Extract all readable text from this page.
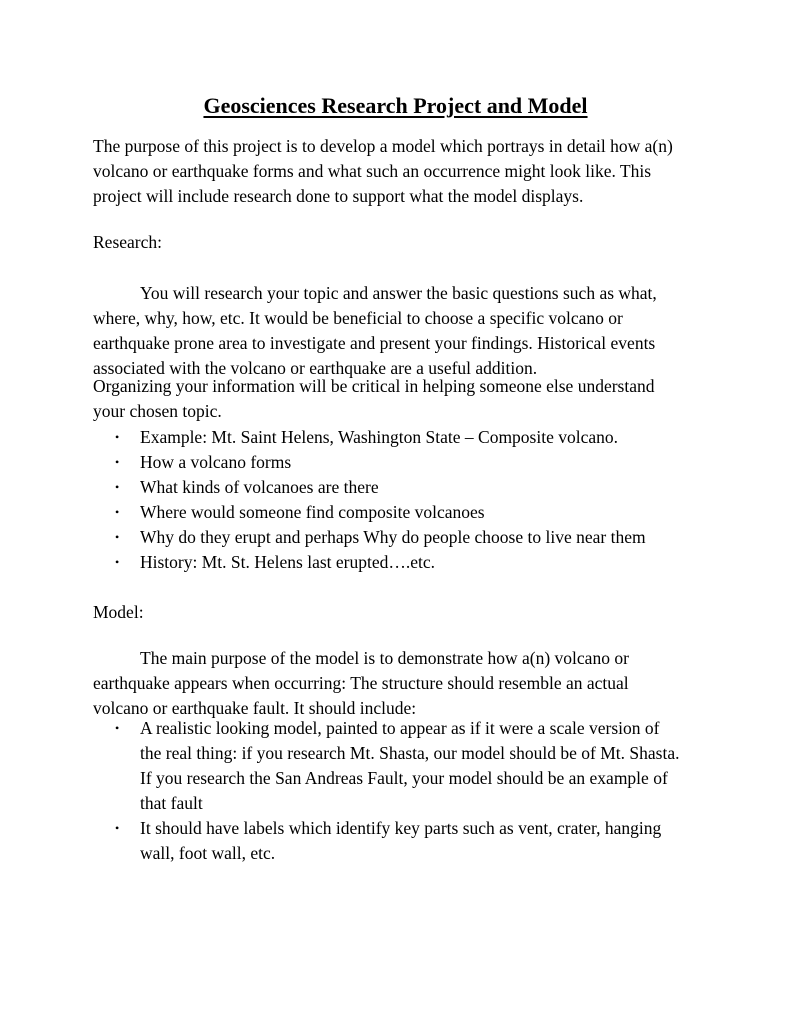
Geosciences Research Project and Model

The purpose of this project is to develop a model which portrays in detail how a(n)
volcano or earthquake forms and what such an occurrence might look like. This
project will include research done to support what the model displays.

Research:

You will research your topic and answer the basic questions such as what,
where, why, how, etc. It would be beneficial to choose a specific volcano or
earthquake prone area to investigate and present your findings. Historical events
associated with the volcano or earthquake are a useful addition.

Organizing your information will be critical in helping someone else understand
your chosen topic.

• Example: Mt. Saint Helens, Washington State – Composite volcano.
• How a volcano forms
• What kinds of volcanoes are there
• Where would someone find composite volcanoes
• Why do they erupt and perhaps Why do people choose to live near them
• History: Mt. St. Helens last erupted….etc.

Model:

The main purpose of the model is to demonstrate how a(n) volcano or
earthquake appears when occurring: The structure should resemble an actual
volcano or earthquake fault. It should include:

• A realistic looking model, painted to appear as if it were a scale version of
the real thing: if you research Mt. Shasta, our model should be of Mt. Shasta.
If you research the San Andreas Fault, your model should be an example of
that fault
• It should have labels which identify key parts such as vent, crater, hanging
wall, foot wall, etc.
